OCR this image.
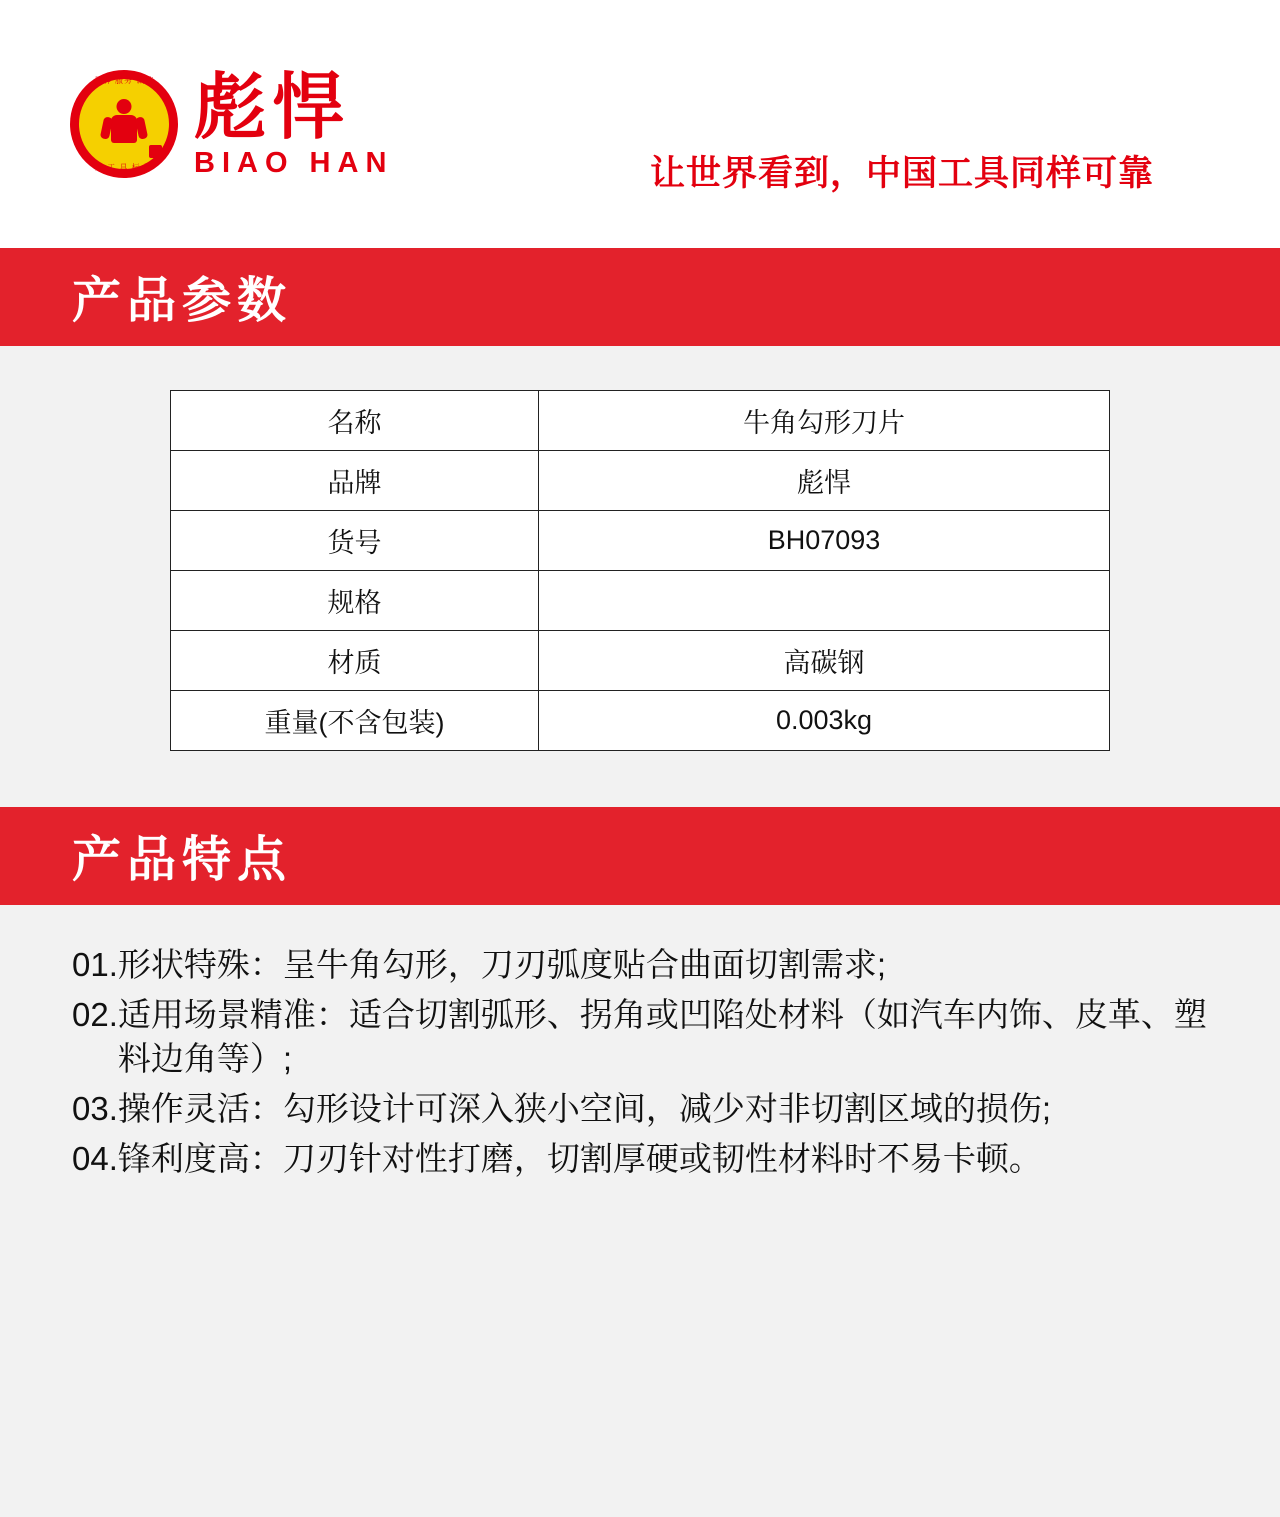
品牌 服务 诚信
好 工 具 标 牌
彪悍
BIAO HAN	让世界看到，中国工具同样可靠
产品参数
名称	牛角勾形刀片
品牌	彪悍
货号	BH07093
规格	
材质	高碳钢
重量(不含包装)	0.003kg
产品特点
01. 形状特殊：呈牛角勾形，刀刃弧度贴合曲面切割需求;
02. 适用场景精准：适合切割弧形、拐角或凹陷处材料（如汽车内饰、皮革、塑料边角等）;
03. 操作灵活：勾形设计可深入狭小空间，减少对非切割区域的损伤;
04. 锋利度高：刀刃针对性打磨，切割厚硬或韧性材料时不易卡顿。
